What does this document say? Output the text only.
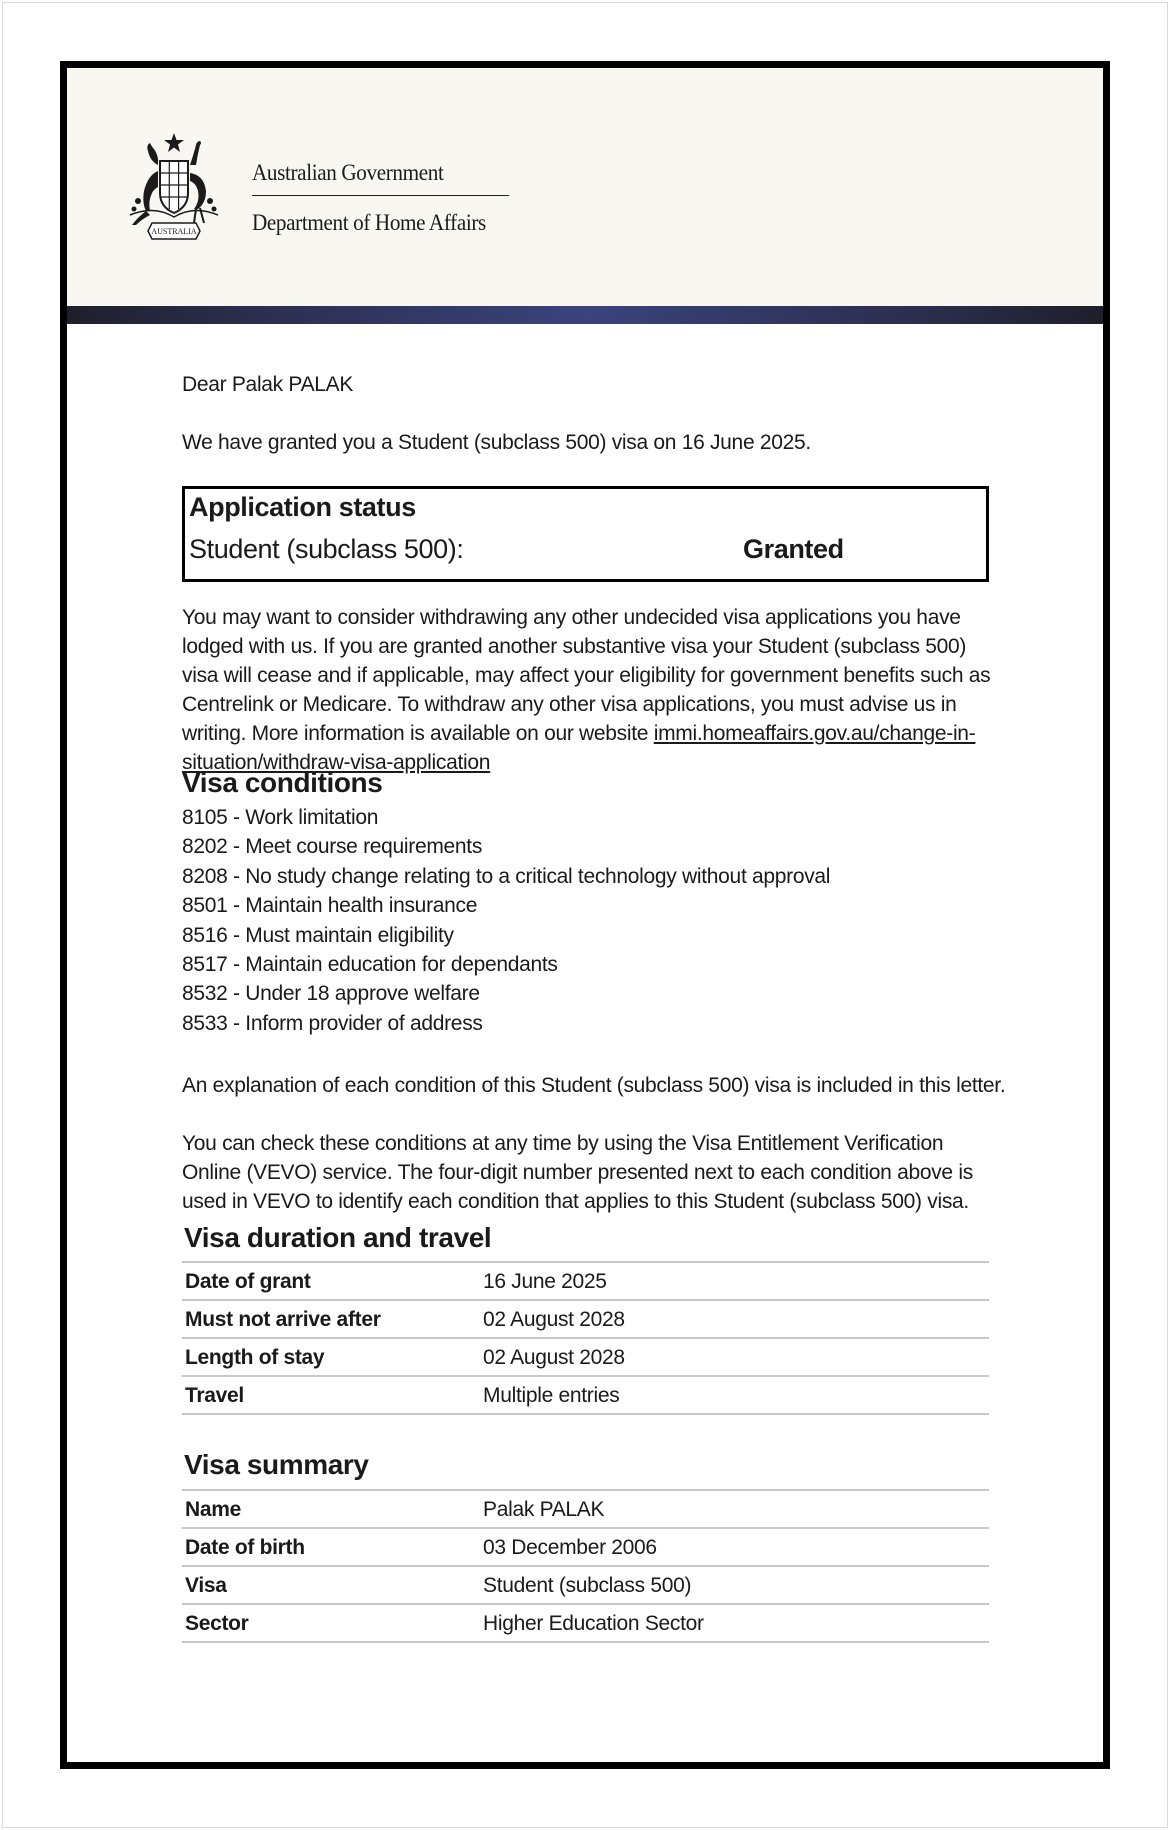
AUSTRALIA
Australian Government
Department of Home Affairs
Dear Palak PALAK
We have granted you a Student (subclass 500) visa on 16 June 2025.
Application status
Student (subclass 500):	Granted

You may want to consider withdrawing any other undecided visa applications you have lodged with us. If you are granted another substantive visa your Student (subclass 500) visa will cease and if applicable, may affect your eligibility for government benefits such as Centrelink or Medicare. To withdraw any other visa applications, you must advise us in writing. More information is available on our website immi.homeaffairs.gov.au/change-in-situation/withdraw-visa-application

Visa conditions
8105 - Work limitation
8202 - Meet course requirements
8208 - No study change relating to a critical technology without approval
8501 - Maintain health insurance
8516 - Must maintain eligibility
8517 - Maintain education for dependants
8532 - Under 18 approve welfare
8533 - Inform provider of address

An explanation of each condition of this Student (subclass 500) visa is included in this letter.

You can check these conditions at any time by using the Visa Entitlement Verification Online (VEVO) service. The four-digit number presented next to each condition above is used in VEVO to identify each condition that applies to this Student (subclass 500) visa.

Visa duration and travel
Date of grant	16 June 2025
Must not arrive after	02 August 2028
Length of stay	02 August 2028
Travel	Multiple entries
Visa summary
Name	Palak PALAK
Date of birth	03 December 2006
Visa	Student (subclass 500)
Sector	Higher Education Sector
